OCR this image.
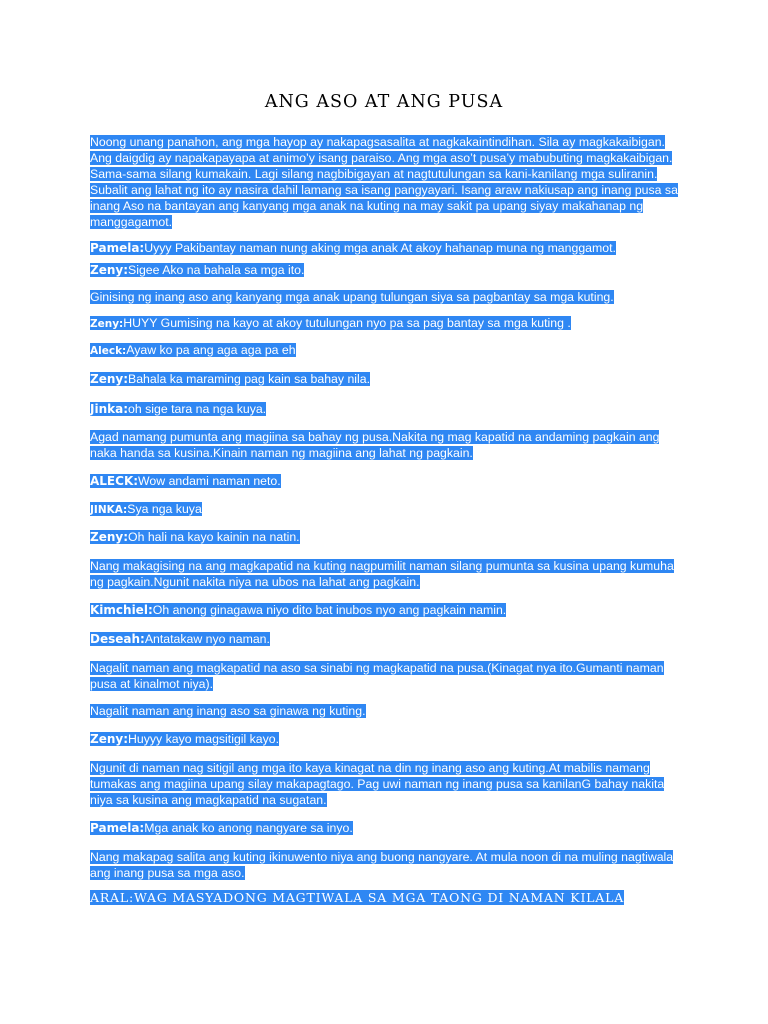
ANG ASO AT ANG PUSA
Noong unang panahon, ang mga hayop ay nakapagsasalita at nagkakaintindihan. Sila ay magkakaibigan. Ang daigdig ay napakapayapa at animo’y isang paraiso. Ang mga aso’t pusa’y mabubuting magkakaibigan. Sama-sama silang kumakain. Lagi silang nagbibigayan at nagtutulungan sa kani-kanilang mga suliranin. Subalit ang lahat ng ito ay nasira dahil lamang sa isang pangyayari. Isang araw nakiusap ang inang pusa sa inang Aso na bantayan ang kanyang mga anak na kuting na may sakit pa upang siyay makahanap ng manggagamot.
Pamela:Uyyy Pakibantay naman nung aking mga anak At akoy hahanap muna ng manggamot.
Zeny:Sigee Ako na bahala sa mga ito.
Ginising ng inang aso ang kanyang mga anak upang tulungan siya sa pagbantay sa mga kuting.
Zeny:HUYY Gumising na kayo at akoy tutulungan nyo pa sa pag bantay sa mga kuting .
Aleck:Ayaw ko pa ang aga aga pa eh
Zeny:Bahala ka maraming pag kain sa bahay nila.
Jinka:oh sige tara na nga kuya.
Agad namang pumunta ang magiina sa bahay ng pusa.Nakita ng mag kapatid na andaming pagkain ang naka handa sa kusina.Kinain naman ng magiina ang lahat ng pagkain.
ALECK:Wow andami naman neto.
JINKA:Sya nga kuya
Zeny:Oh hali na kayo kainin na natin.
Nang makagising na ang magkapatid na kuting nagpumilit naman silang pumunta sa kusina upang kumuha ng pagkain.Ngunit nakita niya na ubos na lahat ang pagkain.
Kimchiel:Oh anong ginagawa niyo dito bat inubos nyo ang pagkain namin.
Deseah:Antatakaw nyo naman.
Nagalit naman ang magkapatid na aso sa sinabi ng magkapatid na pusa.(Kinagat nya ito.Gumanti naman pusa at kinalmot niya).
Nagalit naman ang inang aso sa ginawa ng kuting.
Zeny:Huyyy kayo magsitigil kayo.
Ngunit di naman nag sitigil ang mga ito kaya kinagat na din ng inang aso ang kuting.At mabilis namang tumakas ang magiina upang silay makapagtago. Pag uwi naman ng inang pusa sa kanilanG bahay nakita niya sa kusina ang magkapatid na sugatan.
Pamela:Mga anak ko anong nangyare sa inyo.
Nang makapag salita ang kuting ikinuwento niya ang buong nangyare. At mula noon di na muling nagtiwala ang inang pusa sa mga aso.
ARAL:WAG MASYADONG MAGTIWALA SA MGA TAONG DI NAMAN KILALA
